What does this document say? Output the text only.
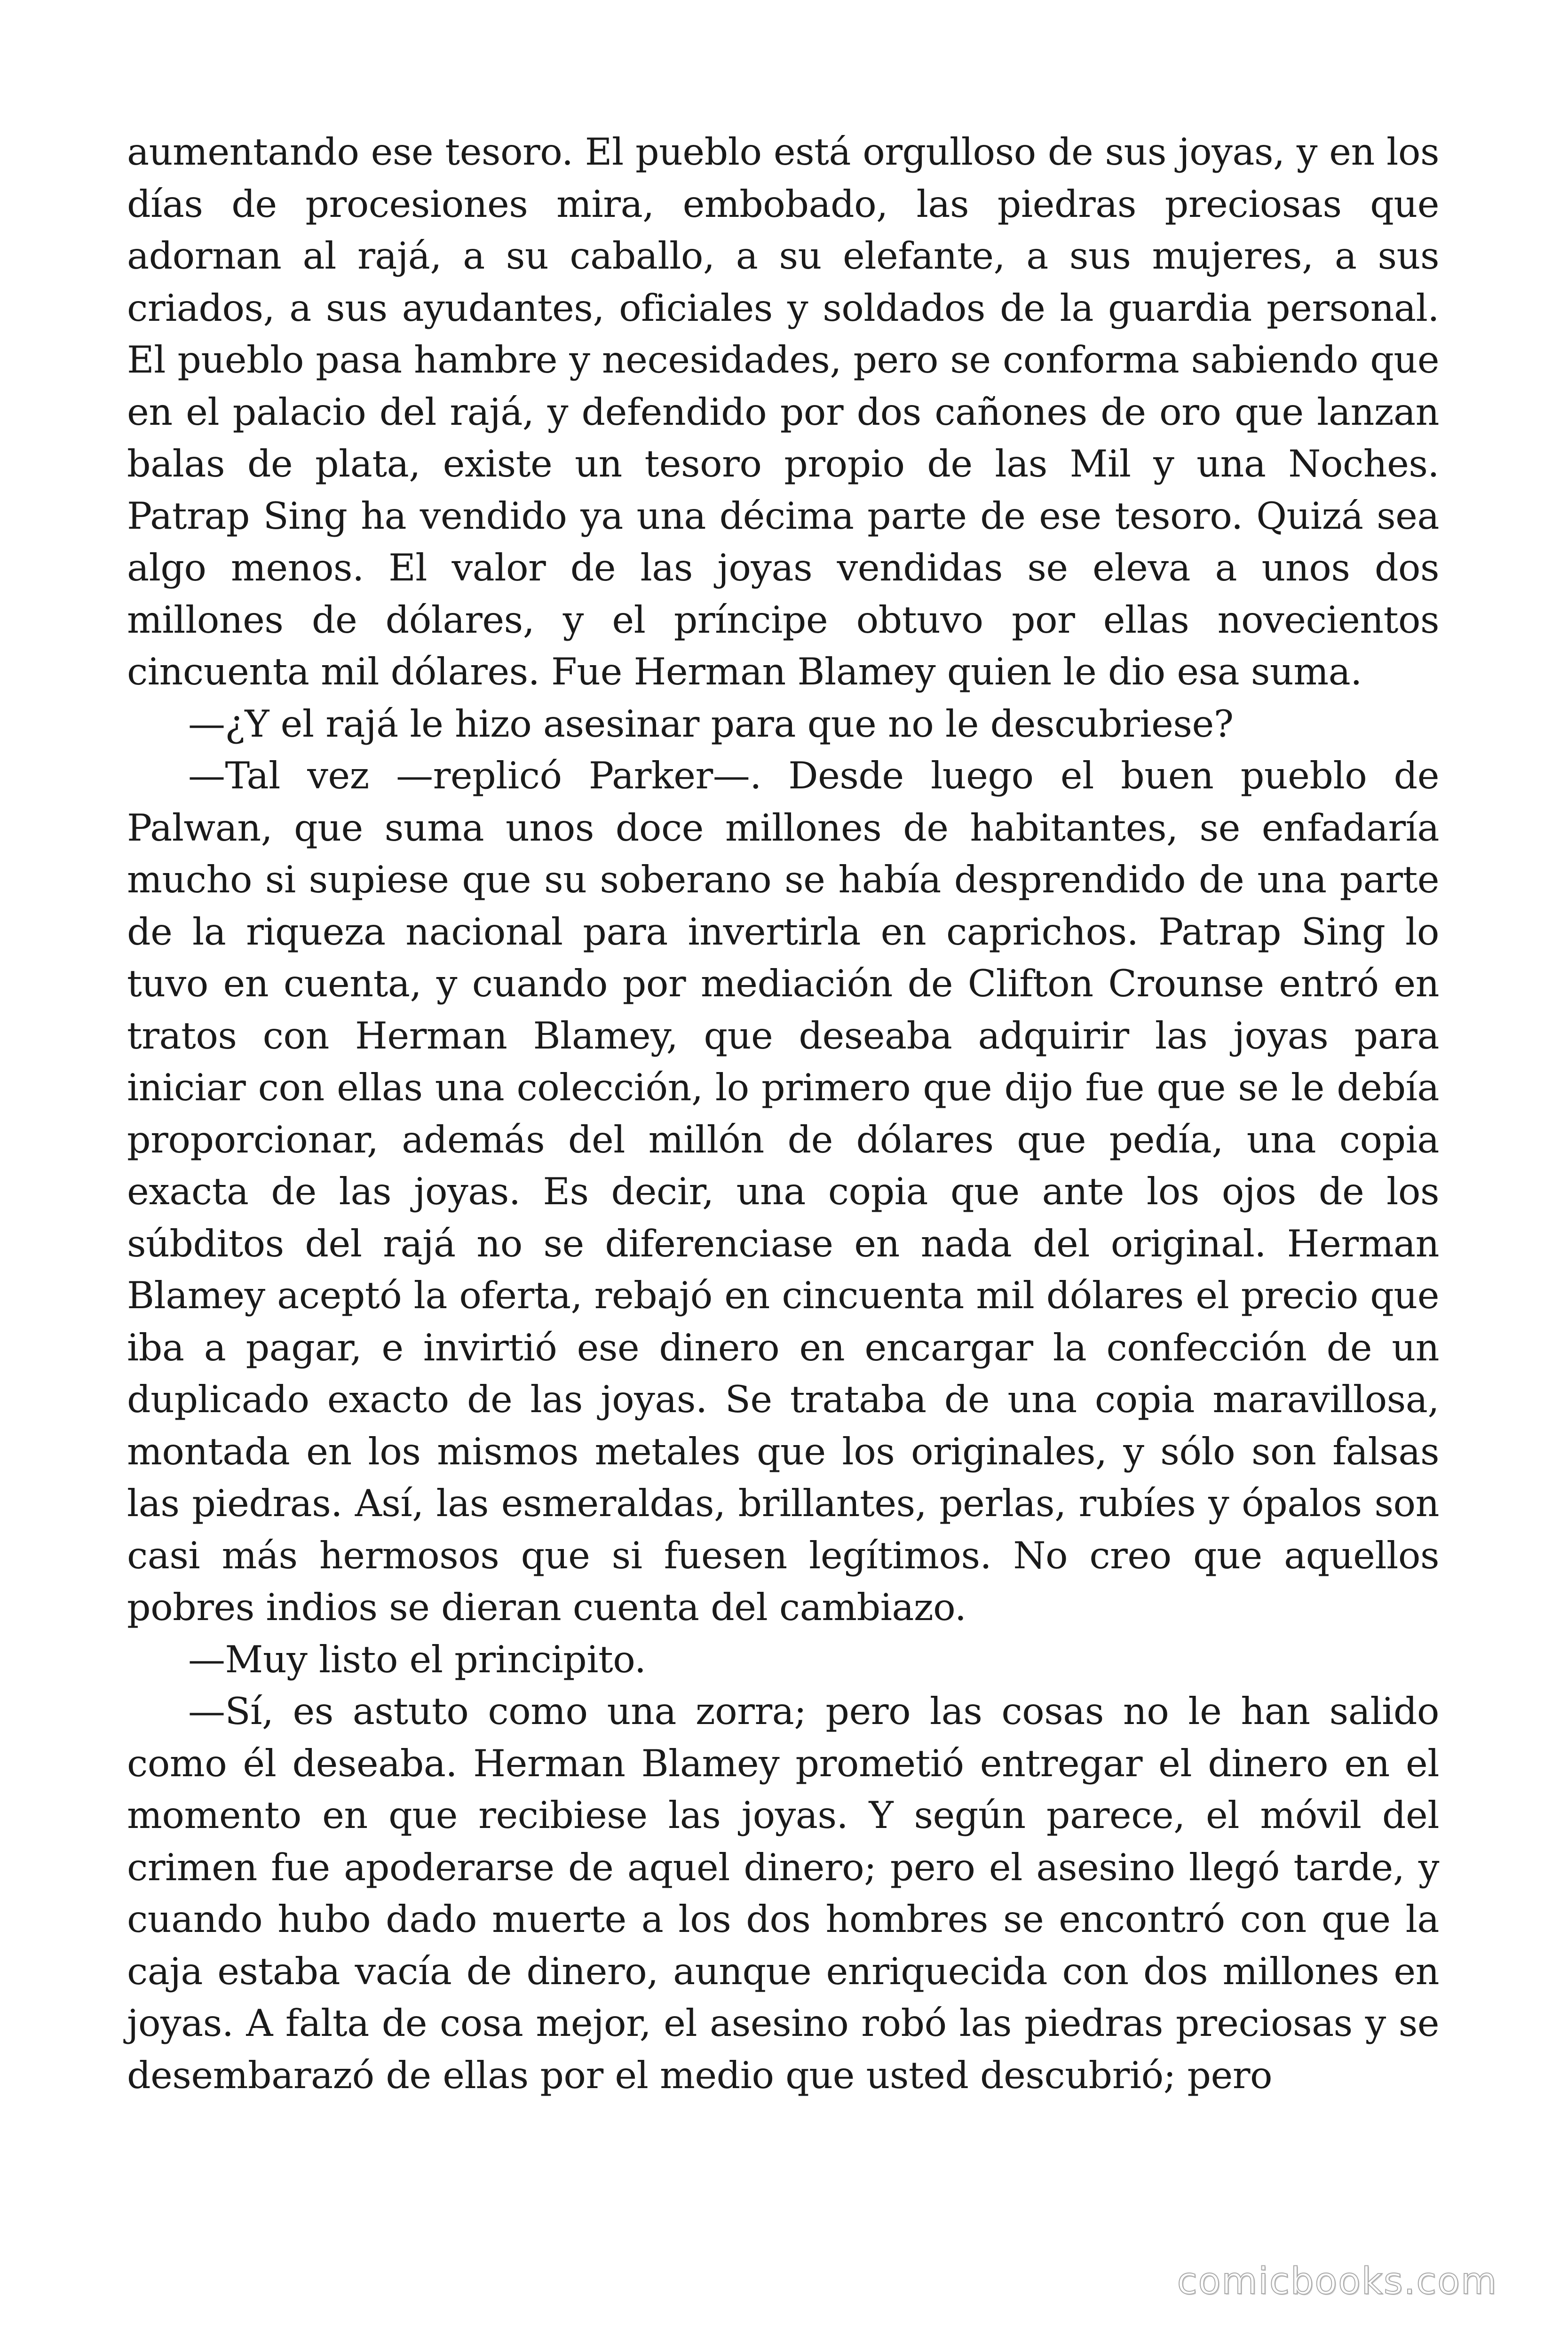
aumentando ese tesoro. El pueblo está orgulloso de sus joyas, y en los días de procesiones mira, embobado, las piedras preciosas que adornan al rajá, a su caballo, a su elefante, a sus mujeres, a sus criados, a sus ayudantes, oficiales y soldados de la guardia personal. El pueblo pasa hambre y necesidades, pero se conforma sabiendo que en el palacio del rajá, y defendido por dos cañones de oro que lanzan balas de plata, existe un tesoro propio de las Mil y una Noches. Patrap Sing ha vendido ya una décima parte de ese tesoro. Quizá sea algo menos. El valor de las joyas vendidas se eleva a unos dos millones de dólares, y el príncipe obtuvo por ellas novecientos cincuenta mil dólares. Fue Herman Blamey quien le dio esa suma.

—¿Y el rajá le hizo asesinar para que no le descubriese?

—Tal vez —replicó Parker—. Desde luego el buen pueblo de Palwan, que suma unos doce millones de habitantes, se enfadaría mucho si supiese que su soberano se había desprendido de una parte de la riqueza nacional para invertirla en caprichos. Patrap Sing lo tuvo en cuenta, y cuando por mediación de Clifton Crounse entró en tratos con Herman Blamey, que deseaba adquirir las joyas para iniciar con ellas una colección, lo primero que dijo fue que se le debía proporcionar, además del millón de dólares que pedía, una copia exacta de las joyas. Es decir, una copia que ante los ojos de los súbditos del rajá no se diferenciase en nada del original. Herman Blamey aceptó la oferta, rebajó en cincuenta mil dólares el precio que iba a pagar, e invirtió ese dinero en encargar la confección de un duplicado exacto de las joyas. Se trataba de una copia maravillosa, montada en los mismos metales que los originales, y sólo son falsas las piedras. Así, las esmeraldas, brillantes, perlas, rubíes y ópalos son casi más hermosos que si fuesen legítimos. No creo que aquellos pobres indios se dieran cuenta del cambiazo.

—Muy listo el principito.

—Sí, es astuto como una zorra; pero las cosas no le han salido como él deseaba. Herman Blamey prometió entregar el dinero en el momento en que recibiese las joyas. Y según parece, el móvil del crimen fue apoderarse de aquel dinero; pero el asesino llegó tarde, y cuando hubo dado muerte a los dos hombres se encontró con que la caja estaba vacía de dinero, aunque enriquecida con dos millones en joyas. A falta de cosa mejor, el asesino robó las piedras preciosas y se desembarazó de ellas por el medio que usted descubrió; pero

comicbooks.com
